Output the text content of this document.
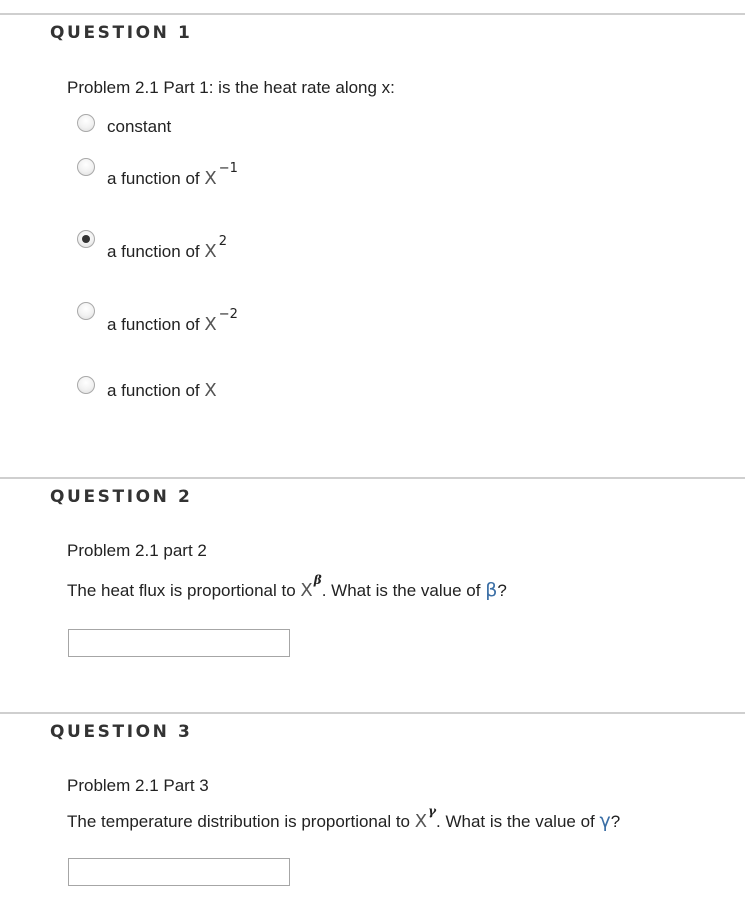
QUESTION 1
Problem 2.1 Part 1: is the heat rate along x:
constant
a function of X $^{-1}$
a function of X $^2$
a function of X $^{-2}$
a function of X
QUESTION 2
Problem 2.1 part 2
The heat flux is proportional to $X^\beta$. What is the value of β?
QUESTION 3
Problem 2.1 Part 3
The temperature distribution is proportional to $X^\gamma$. What is the value of γ?
